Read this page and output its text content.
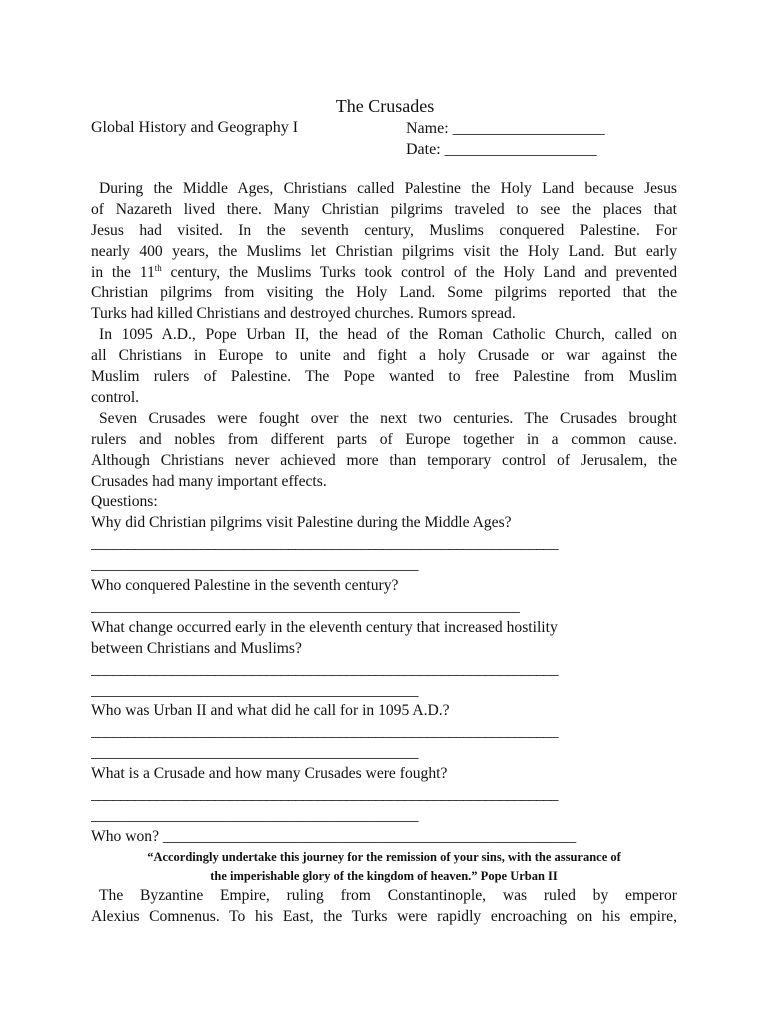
The Crusades
Global History and Geography I	Name: ___________________
Date: ___________________
During the Middle Ages, Christians called Palestine the Holy Land because Jesus
of Nazareth lived there. Many Christian pilgrims traveled to see the places that
Jesus had visited. In the seventh century, Muslims conquered Palestine. For
nearly 400 years, the Muslims let Christian pilgrims visit the Holy Land. But early
in the 11th century, the Muslims Turks took control of the Holy Land and prevented
Christian pilgrims from visiting the Holy Land. Some pilgrims reported that the
Turks had killed Christians and destroyed churches. Rumors spread.
In 1095 A.D., Pope Urban II, the head of the Roman Catholic Church, called on
all Christians in Europe to unite and fight a holy Crusade or war against the
Muslim rulers of Palestine. The Pope wanted to free Palestine from Muslim
control.
Seven Crusades were fought over the next two centuries. The Crusades brought
rulers and nobles from different parts of Europe together in a common cause.
Although Christians never achieved more than temporary control of Jerusalem, the
Crusades had many important effects.
Questions:
Why did Christian pilgrims visit Palestine during the Middle Ages?
________________________________________________________________
__________________________________________
Who conquered Palestine in the seventh century?
_______________________________________________________
What change occurred early in the eleventh century that increased hostility
between Christians and Muslims?
________________________________________________________________
__________________________________________
Who was Urban II and what did he call for in 1095 A.D.?
________________________________________________________________
__________________________________________
What is a Crusade and how many Crusades were fought?
________________________________________________________________
__________________________________________
Who won? _____________________________________________________
“Accordingly undertake this journey for the remission of your sins, with the assurance of
the imperishable glory of the kingdom of heaven.” Pope Urban II
The Byzantine Empire, ruling from Constantinople, was ruled by emperor
Alexius Comnenus. To his East, the Turks were rapidly encroaching on his empire,
